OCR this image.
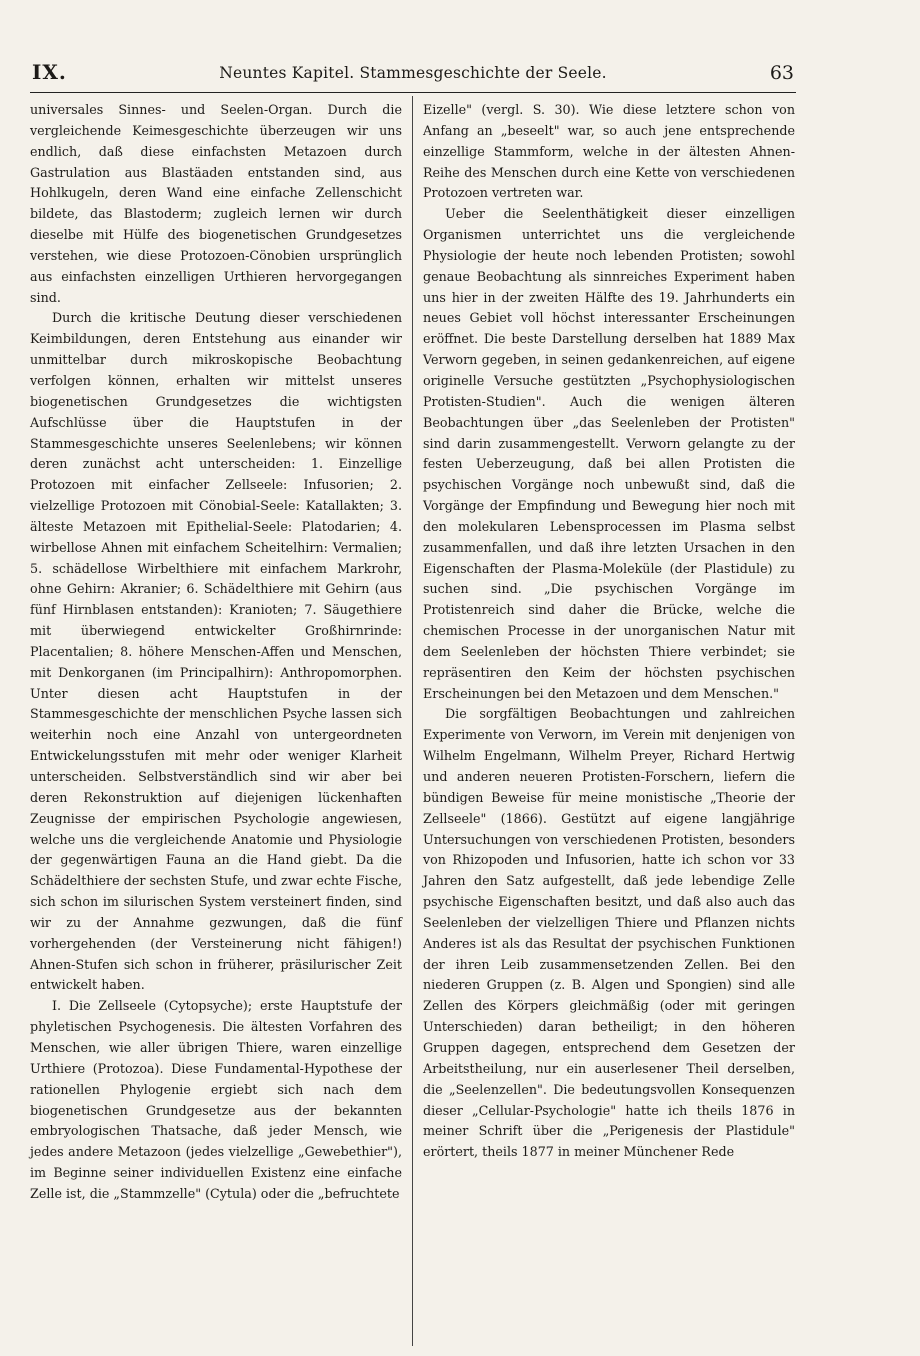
IX.	Neuntes Kapitel. Stammesgeschichte der Seele.	63

universales Sinnes- und Seelen-Organ. Durch die vergleichende Keimesgeschichte überzeugen wir uns endlich, daß diese einfachsten Metazoen durch Gastrulation aus Blastäaden entstanden sind, aus Hohlkugeln, deren Wand eine einfache Zellenschicht bildete, das Blastoderm; zugleich lernen wir durch dieselbe mit Hülfe des biogenetischen Grundgesetzes verstehen, wie diese Protozoen-Cönobien ursprünglich aus einfachsten einzelligen Urthieren hervorgegangen sind.

Durch die kritische Deutung dieser verschiedenen Keimbildungen, deren Entstehung aus einander wir unmittelbar durch mikroskopische Beobachtung verfolgen können, erhalten wir mittelst unseres biogenetischen Grundgesetzes die wichtigsten Aufschlüsse über die Hauptstufen in der Stammesgeschichte unseres Seelenlebens; wir können deren zunächst acht unterscheiden: 1. Einzellige Protozoen mit einfacher Zellseele: Infusorien; 2. vielzellige Protozoen mit Cönobial-Seele: Katallakten; 3. älteste Metazoen mit Epithelial-Seele: Platodarien; 4. wirbellose Ahnen mit einfachem Scheitelhirn: Vermalien; 5. schädellose Wirbelthiere mit einfachem Markrohr, ohne Gehirn: Akranier; 6. Schädelthiere mit Gehirn (aus fünf Hirnblasen entstanden): Kranioten; 7. Säugethiere mit überwiegend entwickelter Großhirnrinde: Placentalien; 8. höhere Menschen-Affen und Menschen, mit Denkorganen (im Principalhirn): Anthropomorphen. Unter diesen acht Hauptstufen in der Stammesgeschichte der menschlichen Psyche lassen sich weiterhin noch eine Anzahl von untergeordneten Entwickelungsstufen mit mehr oder weniger Klarheit unterscheiden. Selbstverständlich sind wir aber bei deren Rekonstruktion auf diejenigen lückenhaften Zeugnisse der empirischen Psychologie angewiesen, welche uns die vergleichende Anatomie und Physiologie der gegenwärtigen Fauna an die Hand giebt. Da die Schädelthiere der sechsten Stufe, und zwar echte Fische, sich schon im silurischen System versteinert finden, sind wir zu der Annahme gezwungen, daß die fünf vorhergehenden (der Versteinerung nicht fähigen!) Ahnen-Stufen sich schon in früherer, präsilurischer Zeit entwickelt haben.

I. Die Zellseele (Cytopsyche); erste Hauptstufe der phyletischen Psychogenesis. Die ältesten Vorfahren des Menschen, wie aller übrigen Thiere, waren einzellige Urthiere (Protozoa). Diese Fundamental-Hypothese der rationellen Phylogenie ergiebt sich nach dem biogenetischen Grundgesetze aus der bekannten embryologischen Thatsache, daß jeder Mensch, wie jedes andere Metazoon (jedes vielzellige „Gewebethier"), im Beginne seiner individuellen Existenz eine einfache Zelle ist, die „Stammzelle" (Cytula) oder die „befruchtete

Eizelle" (vergl. S. 30). Wie diese letztere schon von Anfang an „beseelt" war, so auch jene entsprechende einzellige Stammform, welche in der ältesten Ahnen-Reihe des Menschen durch eine Kette von verschiedenen Protozoen vertreten war.

Ueber die Seelenthätigkeit dieser einzelligen Organismen unterrichtet uns die vergleichende Physiologie der heute noch lebenden Protisten; sowohl genaue Beobachtung als sinnreiches Experiment haben uns hier in der zweiten Hälfte des 19. Jahrhunderts ein neues Gebiet voll höchst interessanter Erscheinungen eröffnet. Die beste Darstellung derselben hat 1889 Max Verworn gegeben, in seinen gedankenreichen, auf eigene originelle Versuche gestützten „Psychophysiologischen Protisten-Studien". Auch die wenigen älteren Beobachtungen über „das Seelenleben der Protisten" sind darin zusammengestellt. Verworn gelangte zu der festen Ueberzeugung, daß bei allen Protisten die psychischen Vorgänge noch unbewußt sind, daß die Vorgänge der Empfindung und Bewegung hier noch mit den molekularen Lebensprocessen im Plasma selbst zusammenfallen, und daß ihre letzten Ursachen in den Eigenschaften der Plasma-Moleküle (der Plastidule) zu suchen sind. „Die psychischen Vorgänge im Protistenreich sind daher die Brücke, welche die chemischen Processe in der unorganischen Natur mit dem Seelenleben der höchsten Thiere verbindet; sie repräsentiren den Keim der höchsten psychischen Erscheinungen bei den Metazoen und dem Menschen."

Die sorgfältigen Beobachtungen und zahlreichen Experimente von Verworn, im Verein mit denjenigen von Wilhelm Engelmann, Wilhelm Preyer, Richard Hertwig und anderen neueren Protisten-Forschern, liefern die bündigen Beweise für meine monistische „Theorie der Zellseele" (1866). Gestützt auf eigene langjährige Untersuchungen von verschiedenen Protisten, besonders von Rhizopoden und Infusorien, hatte ich schon vor 33 Jahren den Satz aufgestellt, daß jede lebendige Zelle psychische Eigenschaften besitzt, und daß also auch das Seelenleben der vielzelligen Thiere und Pflanzen nichts Anderes ist als das Resultat der psychischen Funktionen der ihren Leib zusammensetzenden Zellen. Bei den niederen Gruppen (z. B. Algen und Spongien) sind alle Zellen des Körpers gleichmäßig (oder mit geringen Unterschieden) daran betheiligt; in den höheren Gruppen dagegen, entsprechend dem Gesetzen der Arbeitstheilung, nur ein auserlesener Theil derselben, die „Seelenzellen". Die bedeutungsvollen Konsequenzen dieser „Cellular-Psychologie" hatte ich theils 1876 in meiner Schrift über die „Perigenesis der Plastidule" erörtert, theils 1877 in meiner Münchener Rede
